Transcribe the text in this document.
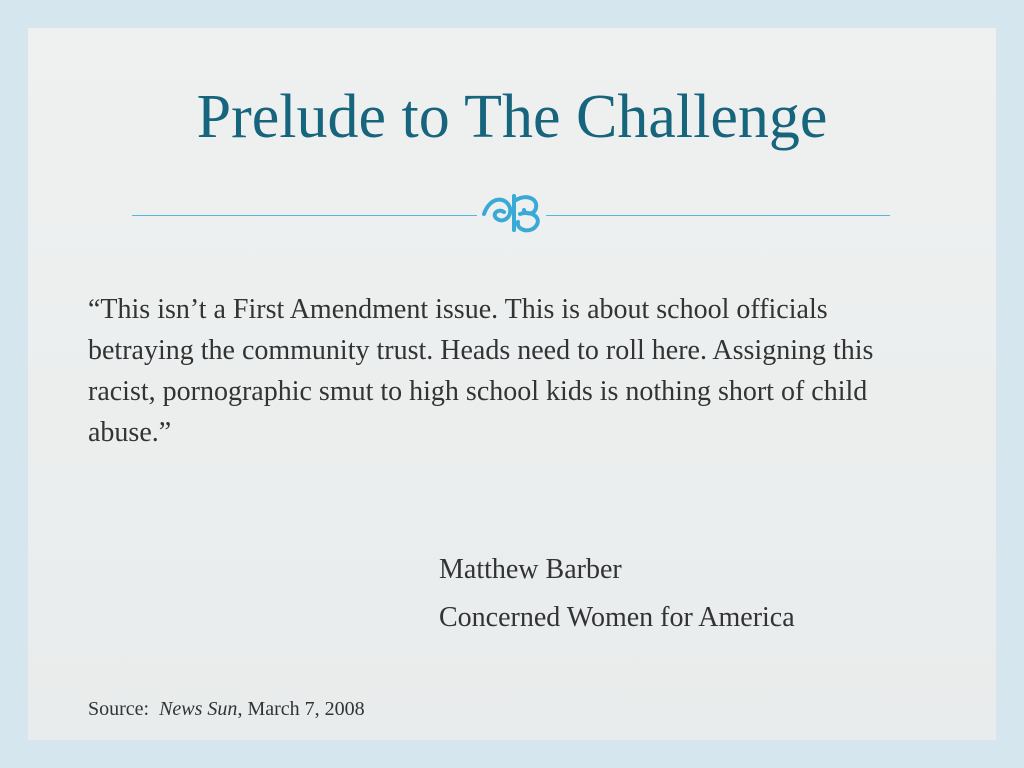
Prelude to The Challenge

“This isn’t a First Amendment issue. This is about school officials betraying the community trust. Heads need to roll here. Assigning this racist, pornographic smut to high school kids is nothing short of child abuse.”

Matthew Barber
Concerned Women for America
Source: News Sun, March 7, 2008
